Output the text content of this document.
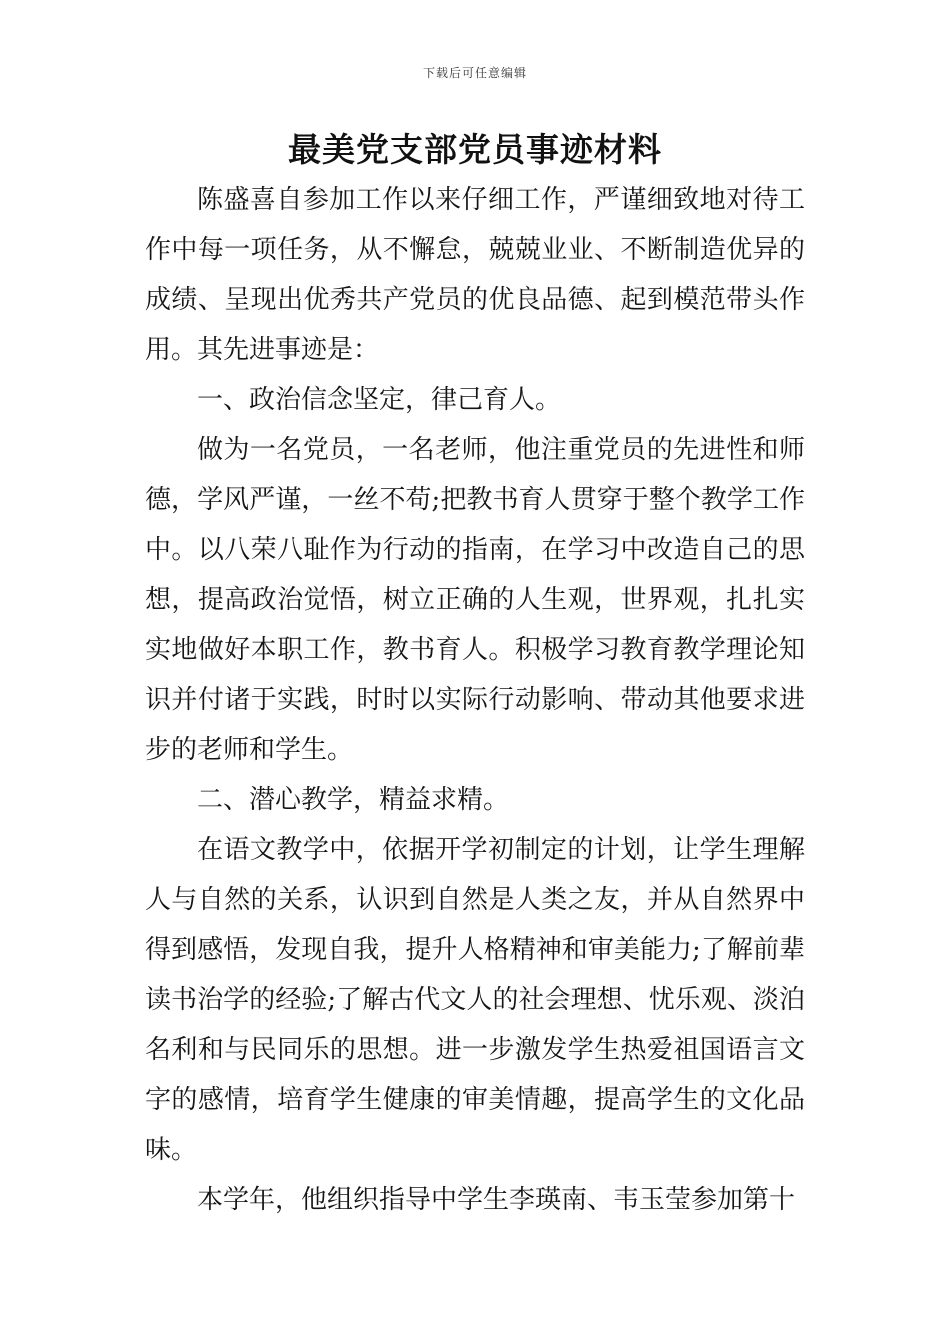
下载后可任意编辑
最美党支部党员事迹材料

陈盛喜自参加工作以来仔细工作，严谨细致地对待工作中每一项任务，从不懈怠，兢兢业业、不断制造优异的成绩、呈现出优秀共产党员的优良品德、起到模范带头作用。其先进事迹是：

一、政治信念坚定，律己育人。

做为一名党员，一名老师，他注重党员的先进性和师德，学风严谨，一丝不苟;把教书育人贯穿于整个教学工作中。以八荣八耻作为行动的指南，在学习中改造自己的思想，提高政治觉悟，树立正确的人生观，世界观，扎扎实实地做好本职工作，教书育人。积极学习教育教学理论知识并付诸于实践，时时以实际行动影响、带动其他要求进步的老师和学生。

二、潜心教学，精益求精。

在语文教学中，依据开学初制定的计划，让学生理解人与自然的关系，认识到自然是人类之友，并从自然界中得到感悟，发现自我，提升人格精神和审美能力;了解前辈读书治学的经验;了解古代文人的社会理想、忧乐观、淡泊名利和与民同乐的思想。进一步激发学生热爱祖国语言文字的感情，培育学生健康的审美情趣，提高学生的文化品味。

本学年，他组织指导中学生李瑛南、韦玉莹参加第十
